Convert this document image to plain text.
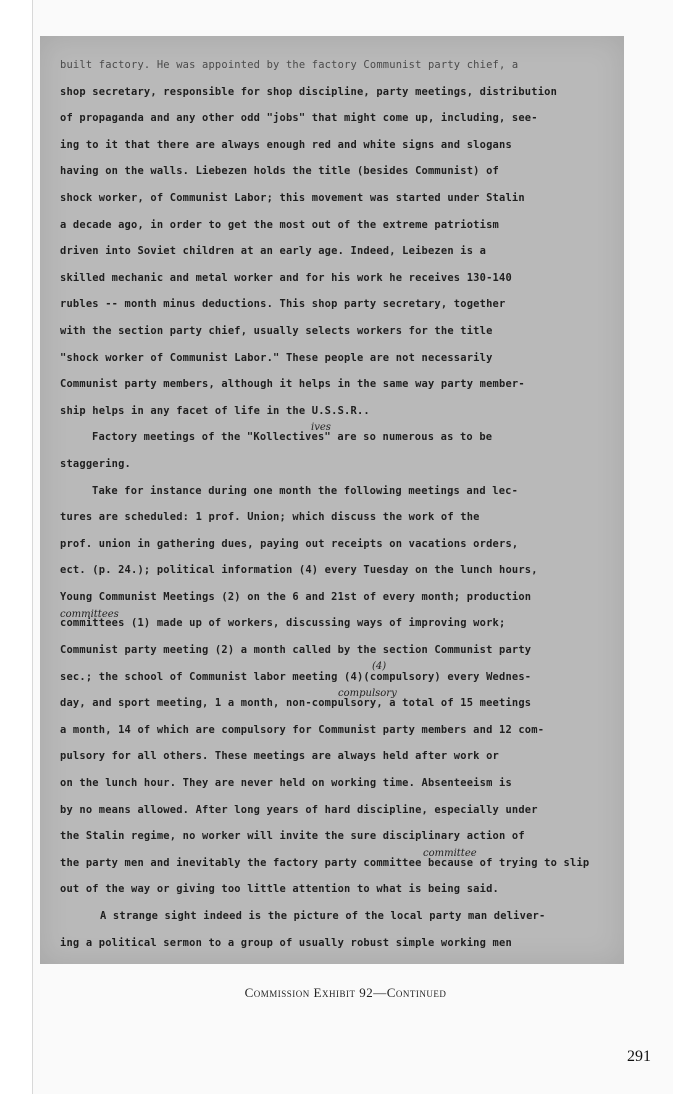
built factory. He was appointed by the factory Communist party chief, a
shop secretary, responsible for shop discipline, party meetings, distribution
of propaganda and any other odd "jobs" that might come up, including, see-
ing to it that there are always enough red and white signs and slogans
having on the walls. Liebezen holds the title (besides Communist) of
shock worker, of Communist Labor; this movement was started under Stalin
a decade ago, in order to get the most out of the extreme patriotism
driven into Soviet children at an early age. Indeed, Leibezen is a
skilled mechanic and metal worker and for his work he receives 130-140
rubles -- month minus deductions. This shop party secretary, together
with the section party chief, usually selects workers for the title
"shock worker of Communist Labor." These people are not necessarily
Communist party members, although it helps in the same way party member-
ship helps in any facet of life in the U.S.S.R..
Factory meetings of the "Kollectives" are so numerous as to be
staggering.
Take for instance during one month the following meetings and lec-
tures are scheduled: 1 prof. Union; which discuss the work of the
prof. union in gathering dues, paying out receipts on vacations orders,
ect. (p. 24.); political information (4) every Tuesday on the lunch hours,
Young Communist Meetings (2) on the 6 and 21st of every month; production
committees (1) made up of workers, discussing ways of improving work;
Communist party meeting (2) a month called by the section Communist party
sec.; the school of Communist labor meeting (4)(compulsory) every Wednes-
day, and sport meeting, 1 a month, non-compulsory, a total of 15 meetings
a month, 14 of which are compulsory for Communist party members and 12 com-
pulsory for all others. These meetings are always held after work or
on the lunch hour. They are never held on working time. Absenteeism is
by no means allowed. After long years of hard discipline, especially under
the Stalin regime, no worker will invite the sure disciplinary action of
the party men and inevitably the factory party committee because of trying to slip
out of the way or giving too little attention to what is being said.
A strange sight indeed is the picture of the local party man deliver-
ing a political sermon to a group of usually robust simple working men
ives
committees
(4)
compulsory
committee
Commission Exhibit 92—Continued
291
